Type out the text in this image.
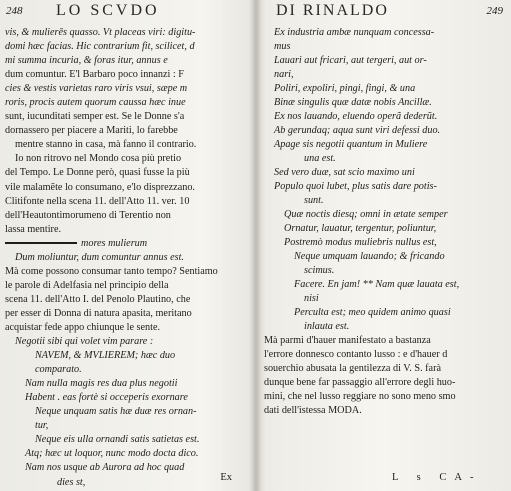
248 LO SCVDO
vis, & mulierēs quasso. Vt placeas viri: digitu-
domi hæc facias. Hic contrarium fit, scilicet, d
mi summa incuria, & foras itur, annus e
dum comuntur. E'l Barbaro poco innanzi : F
cies & vestis varietas raro viris vsui, sæpe m
roris, procis autem quorum caussa hæc inue
sunt, iucunditati semper est. Se le Donne s'a
dornassero per piacere a Mariti, lo farebbe
mentre stanno in casa, mà fanno il contrario.
Io non ritrovo nel Mondo cosa più pretio
del Tempo. Le Donne però, quasi fusse la più
vile malamẽte lo consumano, e'lo disprezzano.
Clitifonte nella scena 11. dell'Atto 11. ver. 10
dell'Heautontimorumeno di Terentio non
lassa mentire.
mores mulierum
Dum moliuntur, dum comuntur annus est.
Mà come possono consumar tanto tempo? Sentiamo
le parole di Adelfasia nel principio della
scena 11. dell'Atto I. del Penolo Plautino, che
per esser di Donna di natura apasita, meritano
acquistar fede appo chiunque le sente.
Negotii sibi qui volet vim parare :
NAVEM, & MVLIEREM; hæc duo
comparato.
Nam nulla magis res dua plus negotii
Habent . eas fortè si occeperis exornare
Neque unquam satis hæ duæ res ornan-
tur,
Neque eis ulla ornandi satis satietas est.
Atq; hæc ut loquor, nunc modo docta dico.
Nam nos usque ab Aurora ad hoc quad
dies st,	Ex
DI RINALDO	249
Ex industria ambæ nunquam concessa-
mus
Lauari aut fricari, aut tergeri, aut or-
nari,
Poliri, expoliri, pingi, fingi, & una
Binæ singulis quæ datæ nobis Ancillæ.
Ex nos lauando, eluendo operã dederũt.
Ab gerundaq; aqua sunt viri defessi duo.
Apage sis negotii quantum in Muliere
una est.
Sed vero duæ, sat scio maximo uni
Populo quoi lubet, plus satis dare potis-
sunt.
Quæ noctis diesq; omni in ætate semper
Ornatur, lauatur, tergentur, poliuntur,
Postremò modus muliebris nullus est,
Neque umquam lauando; & fricando
scimus.
Facere. En jam! ** Nam quæ lauata est,
nisi
Perculta est; meo quidem animo quasi
inlauta est.
Mà parmi d'hauer manifestato a bastanza
l'errore donnesco contanto lusso : e d'hauer d
souerchio abusata la gentilezza di V. S. farà
dunque bene far passaggio all'errore degli huo-
mini, che nel lusso reggiare no sono meno smo
dati dell'istessa MODA.
L s CA-
